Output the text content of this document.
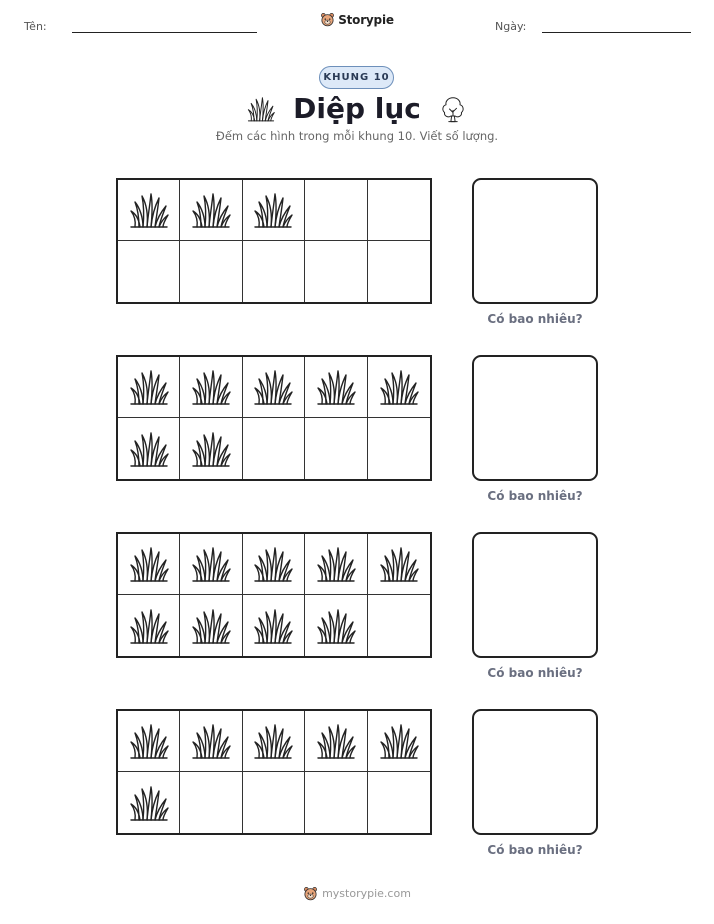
Tên:	Storypie	Ngày:
KHUNG 10
Diệp lục

Đếm các hình trong mỗi khung 10. Viết số lượng.

Có bao nhiêu?

Có bao nhiêu?

Có bao nhiêu?

Có bao nhiêu?

mystorypie.com
